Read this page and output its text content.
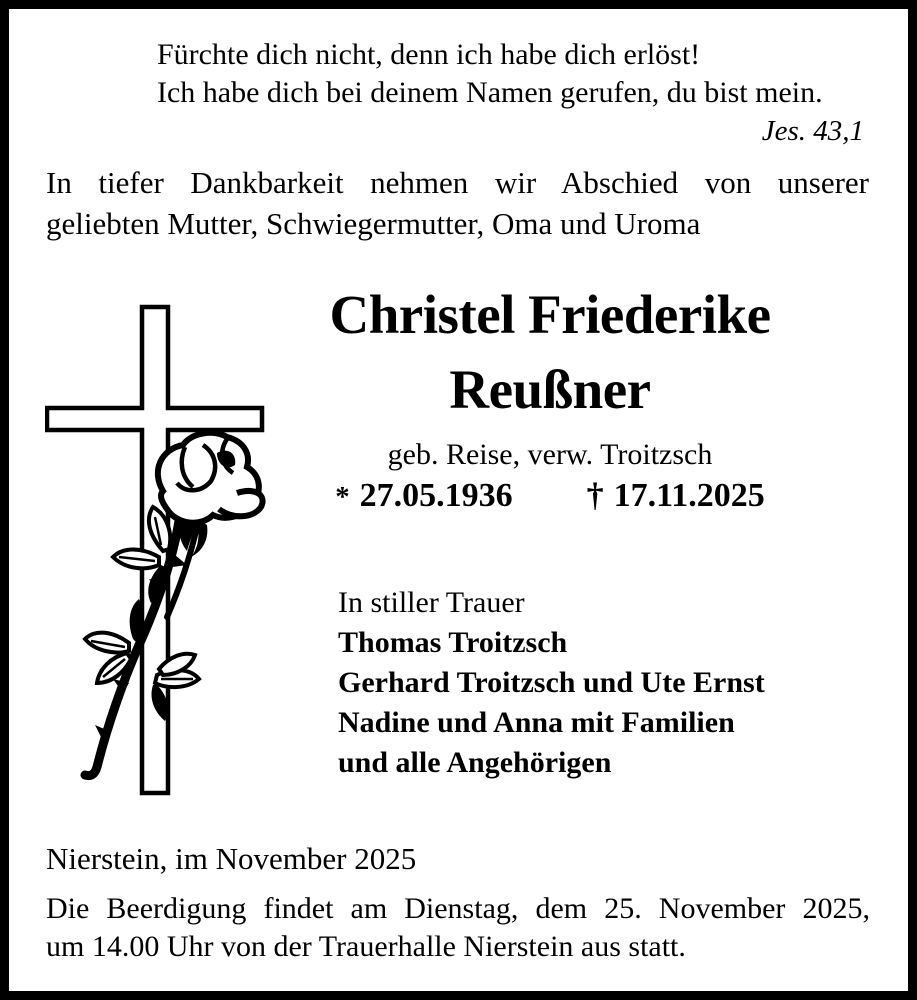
Fürchte dich nicht, denn ich habe dich erlöst!
Ich habe dich bei deinem Namen gerufen, du bist mein.
Jes. 43,1
In tiefer Dankbarkeit nehmen wir Abschied von unserer
geliebten Mutter, Schwiegermutter, Oma und Uroma
Christel Friederike
Reußner
geb. Reise, verw. Troitzsch
* 27.05.1936 † 17.11.2025
In stiller Trauer
Thomas Troitzsch
Gerhard Troitzsch und Ute Ernst
Nadine und Anna mit Familien
und alle Angehörigen
Nierstein, im November 2025
Die Beerdigung findet am Dienstag, dem 25. November 2025,
um 14.00 Uhr von der Trauerhalle Nierstein aus statt.
